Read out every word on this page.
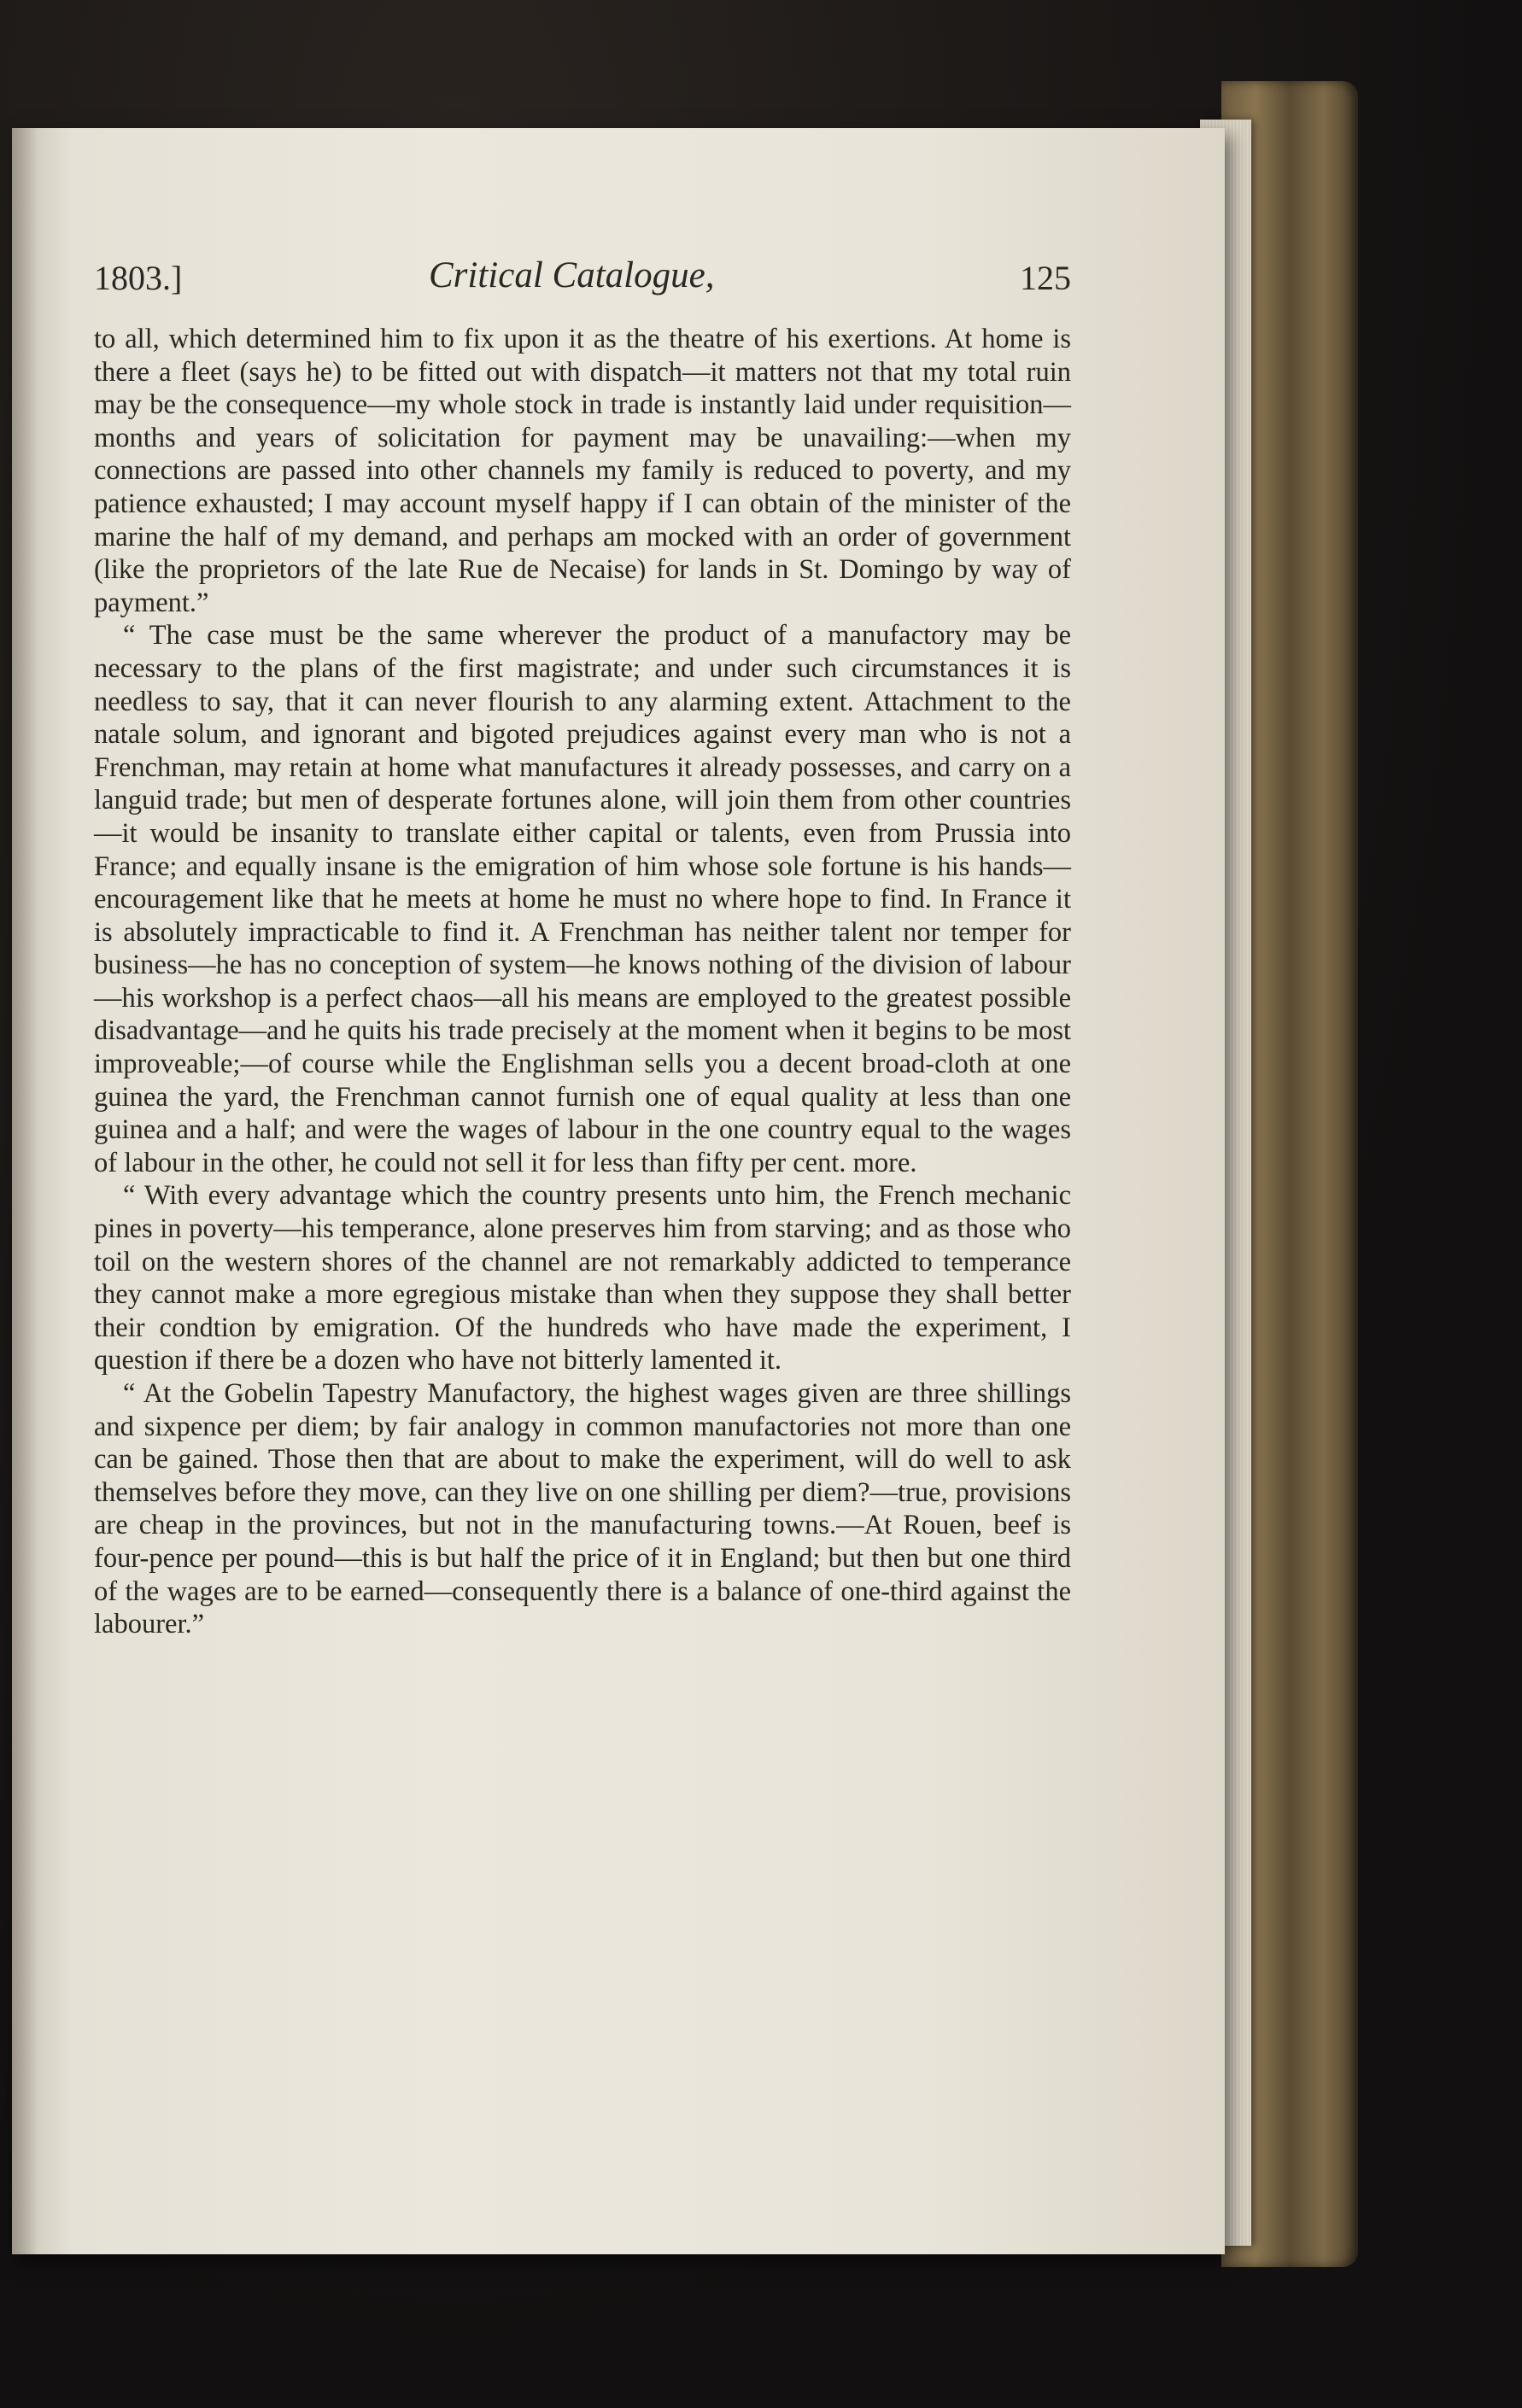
1803.]	Critical Catalogue,	125

to all, which determined him to fix upon it as the theatre of his exertions. At home is there a fleet (says he) to be fitted out with dispatch—it matters not that my total ruin may be the consequence—my whole stock in trade is instantly laid under requisition—months and years of solicitation for payment may be unavailing:—when my connections are passed into other channels my family is reduced to poverty, and my patience exhausted; I may account myself happy if I can obtain of the minister of the marine the half of my demand, and perhaps am mocked with an order of government (like the proprietors of the late Rue de Necaise) for lands in St. Domingo by way of payment.”

“ The case must be the same wherever the product of a manufactory may be necessary to the plans of the first magistrate; and under such circumstances it is needless to say, that it can never flourish to any alarming extent. Attachment to the natale solum, and ignorant and bigoted prejudices against every man who is not a Frenchman, may retain at home what manufactures it already possesses, and carry on a languid trade; but men of desperate fortunes alone, will join them from other countries—it would be insanity to translate either capital or talents, even from Prussia into France; and equally insane is the emigration of him whose sole fortune is his hands—encouragement like that he meets at home he must no where hope to find. In France it is absolutely impracticable to find it. A Frenchman has neither talent nor temper for business—he has no conception of system—he knows nothing of the division of labour—his workshop is a perfect chaos—all his means are employed to the greatest possible disadvantage—and he quits his trade precisely at the moment when it begins to be most improveable;—of course while the Englishman sells you a decent broad-cloth at one guinea the yard, the Frenchman cannot furnish one of equal quality at less than one guinea and a half; and were the wages of labour in the one country equal to the wages of labour in the other, he could not sell it for less than fifty per cent. more.

“ With every advantage which the country presents unto him, the French mechanic pines in poverty—his temperance, alone preserves him from starving; and as those who toil on the western shores of the channel are not remarkably addicted to temperance they cannot make a more egregious mistake than when they suppose they shall better their condtion by emigration. Of the hundreds who have made the experiment, I question if there be a dozen who have not bitterly lamented it.

“ At the Gobelin Tapestry Manufactory, the highest wages given are three shillings and sixpence per diem; by fair analogy in common manufactories not more than one can be gained. Those then that are about to make the experiment, will do well to ask themselves before they move, can they live on one shilling per diem?—true, provisions are cheap in the provinces, but not in the manufacturing towns.—At Rouen, beef is four-pence per pound—this is but half the price of it in England; but then but one third of the wages are to be earned—consequently there is a balance of one-third against the labourer.”
